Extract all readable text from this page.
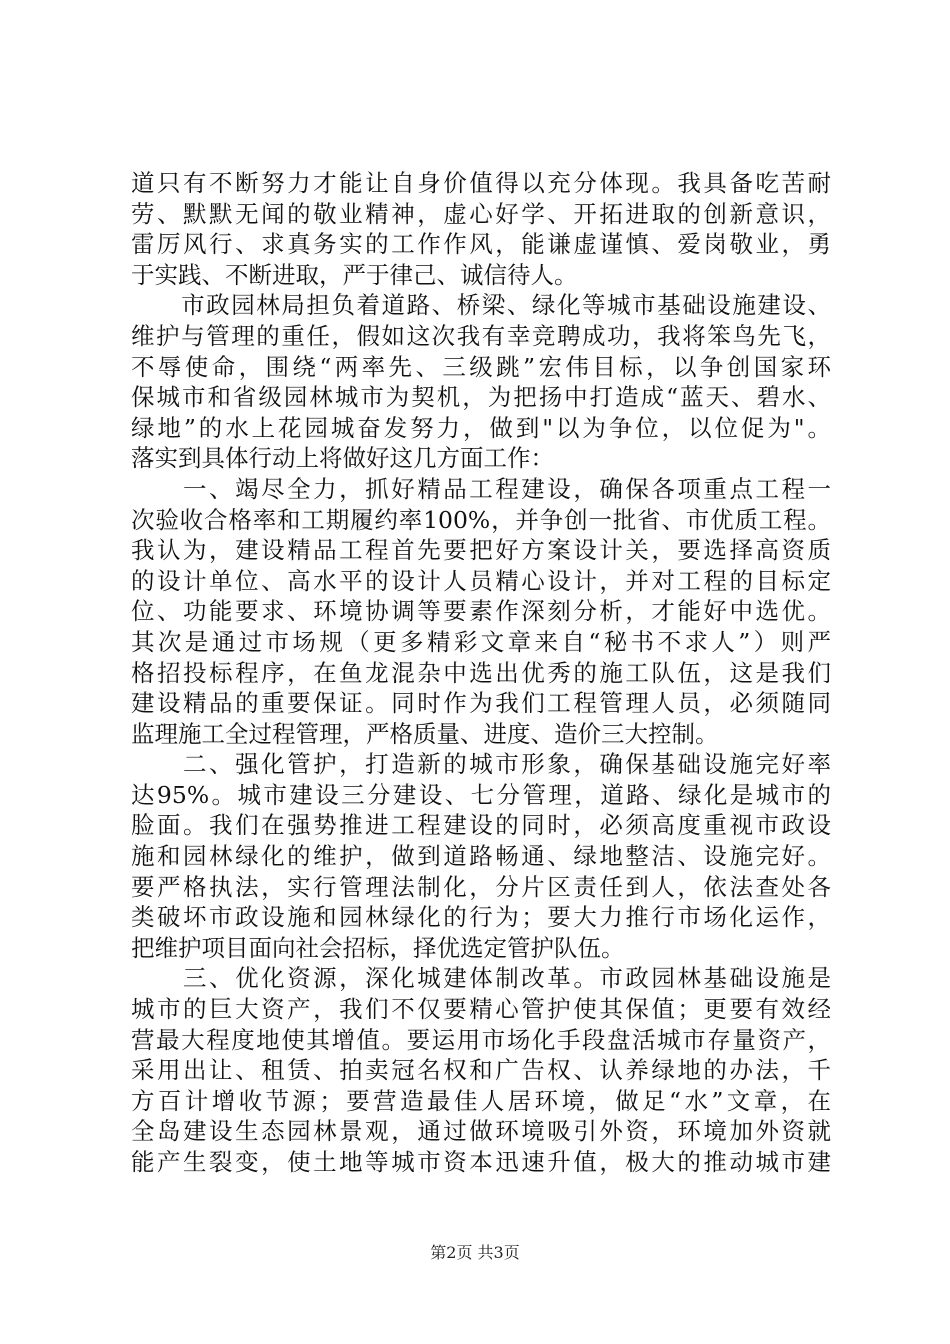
道只有不断努力才能让自身价值得以充分体现。我具备吃苦耐
劳、默默无闻的敬业精神，虚心好学、开拓进取的创新意识，
雷厉风行、求真务实的工作作风，能谦虚谨慎、爱岗敬业，勇
于实践、不断进取，严于律己、诚信待人。
　　市政园林局担负着道路、桥梁、绿化等城市基础设施建设、
维护与管理的重任，假如这次我有幸竞聘成功，我将笨鸟先飞，
不辱使命，围绕“两率先、三级跳”宏伟目标，以争创国家环
保城市和省级园林城市为契机，为把扬中打造成“蓝天、碧水、
绿地”的水上花园城奋发努力，做到"以为争位，以位促为"。
落实到具体行动上将做好这几方面工作：
　　一、竭尽全力，抓好精品工程建设，确保各项重点工程一
次验收合格率和工期履约率100%，并争创一批省、市优质工程。
我认为，建设精品工程首先要把好方案设计关，要选择高资质
的设计单位、高水平的设计人员精心设计，并对工程的目标定
位、功能要求、环境协调等要素作深刻分析，才能好中选优。
其次是通过市场规（更多精彩文章来自“秘书不求人”）则严
格招投标程序，在鱼龙混杂中选出优秀的施工队伍，这是我们
建设精品的重要保证。同时作为我们工程管理人员，必须随同
监理施工全过程管理，严格质量、进度、造价三大控制。
　　二、强化管护，打造新的城市形象，确保基础设施完好率
达95%。城市建设三分建设、七分管理，道路、绿化是城市的
脸面。我们在强势推进工程建设的同时，必须高度重视市政设
施和园林绿化的维护，做到道路畅通、绿地整洁、设施完好。
要严格执法，实行管理法制化，分片区责任到人，依法查处各
类破坏市政设施和园林绿化的行为；要大力推行市场化运作，
把维护项目面向社会招标，择优选定管护队伍。
　　三、优化资源，深化城建体制改革。市政园林基础设施是
城市的巨大资产，我们不仅要精心管护使其保值；更要有效经
营最大程度地使其增值。要运用市场化手段盘活城市存量资产，
采用出让、租赁、拍卖冠名权和广告权、认养绿地的办法，千
方百计增收节源；要营造最佳人居环境，做足“水”文章，在
全岛建设生态园林景观，通过做环境吸引外资，环境加外资就
能产生裂变，使土地等城市资本迅速升值，极大的推动城市建
第2页 共3页
